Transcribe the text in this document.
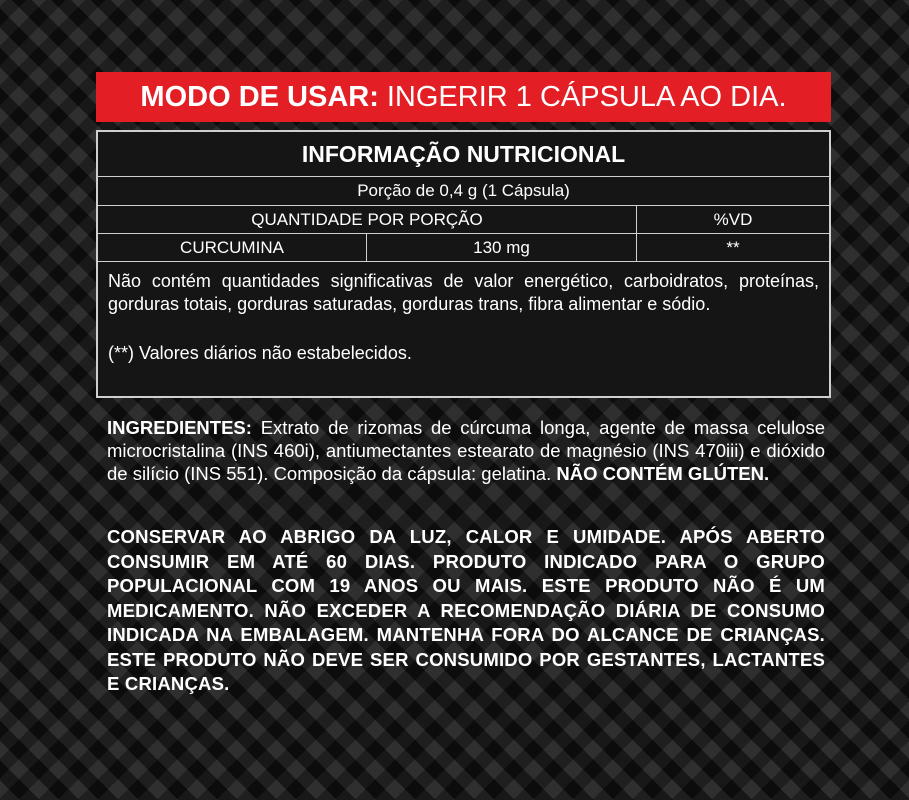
MODO DE USAR: INGERIR 1 CÁPSULA AO DIA.
INFORMAÇÃO NUTRICIONAL
Porção de 0,4 g (1 Cápsula)
QUANTIDADE POR PORÇÃO	%VD
CURCUMINA	130 mg	**

Não contém quantidades significativas de valor energético, carboidratos, proteínas, gorduras totais, gorduras saturadas, gorduras trans, fibra alimentar e sódio.

(**) Valores diários não estabelecidos.

INGREDIENTES: Extrato de rizomas de cúrcuma longa, agente de massa celulose microcristalina (INS 460i), antiumectantes estearato de magnésio (INS 470iii) e dióxido de silício (INS 551). Composição da cápsula: gelatina. NÃO CONTÉM GLÚTEN.
CONSERVAR AO ABRIGO DA LUZ, CALOR E UMIDADE. APÓS ABERTO CONSUMIR EM ATÉ 60 DIAS. PRODUTO INDICADO PARA O GRUPO POPULACIONAL COM 19 ANOS OU MAIS. ESTE PRODUTO NÃO É UM MEDICAMENTO. NÃO EXCEDER A RECOMENDAÇÃO DIÁRIA DE CONSUMO INDICADA NA EMBALAGEM. MANTENHA FORA DO ALCANCE DE CRIANÇAS. ESTE PRODUTO NÃO DEVE SER CONSUMIDO POR GESTANTES, LACTANTES E CRIANÇAS.
